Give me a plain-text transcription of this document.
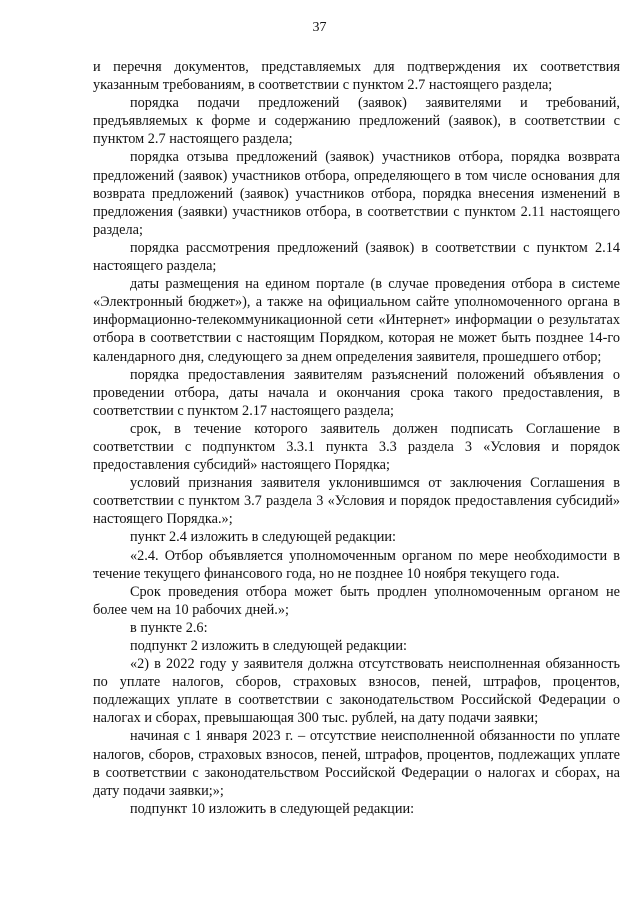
37

и перечня документов, представляемых для подтверждения их соответствия указанным требованиям, в соответствии с пунктом 2.7 настоящего раздела;

порядка подачи предложений (заявок) заявителями и требований, предъявляемых к форме и содержанию предложений (заявок), в соответствии с пунктом 2.7 настоящего раздела;

порядка отзыва предложений (заявок) участников отбора, порядка возврата предложений (заявок) участников отбора, определяющего в том числе основания для возврата предложений (заявок) участников отбора, порядка внесения изменений в предложения (заявки) участников отбора, в соответствии с пунктом 2.11 настоящего раздела;

порядка рассмотрения предложений (заявок) в соответствии с пунктом 2.14 настоящего раздела;

даты размещения на едином портале (в случае проведения отбора в системе «Электронный бюджет»), а также на официальном сайте уполномоченного органа в информационно-телекоммуникационной сети «Интернет» информации о результатах отбора в соответствии с настоящим Порядком, которая не может быть позднее 14-го календарного дня, следующего за днем определения заявителя, прошедшего отбор;

порядка предоставления заявителям разъяснений положений объявления о проведении отбора, даты начала и окончания срока такого предоставления, в соответствии с пунктом 2.17 настоящего раздела;

срок, в течение которого заявитель должен подписать Соглашение в соответствии с подпунктом 3.3.1 пункта 3.3 раздела 3 «Условия и порядок предоставления субсидий» настоящего Порядка;

условий признания заявителя уклонившимся от заключения Соглашения в соответствии с пунктом 3.7 раздела 3 «Условия и порядок предоставления субсидий» настоящего Порядка.»;

пункт 2.4 изложить в следующей редакции:

«2.4. Отбор объявляется уполномоченным органом по мере необходимости в течение текущего финансового года, но не позднее 10 ноября текущего года.

Срок проведения отбора может быть продлен уполномоченным органом не более чем на 10 рабочих дней.»;

в пункте 2.6:

подпункт 2 изложить в следующей редакции:

«2) в 2022 году у заявителя должна отсутствовать неисполненная обязанность по уплате налогов, сборов, страховых взносов, пеней, штрафов, процентов, подлежащих уплате в соответствии с законодательством Российской Федерации о налогах и сборах, превышающая 300 тыс. рублей, на дату подачи заявки;

начиная с 1 января 2023 г. – отсутствие неисполненной обязанности по уплате налогов, сборов, страховых взносов, пеней, штрафов, процентов, подлежащих уплате в соответствии с законодательством Российской Федерации о налогах и сборах, на дату подачи заявки;»;

подпункт 10 изложить в следующей редакции:
